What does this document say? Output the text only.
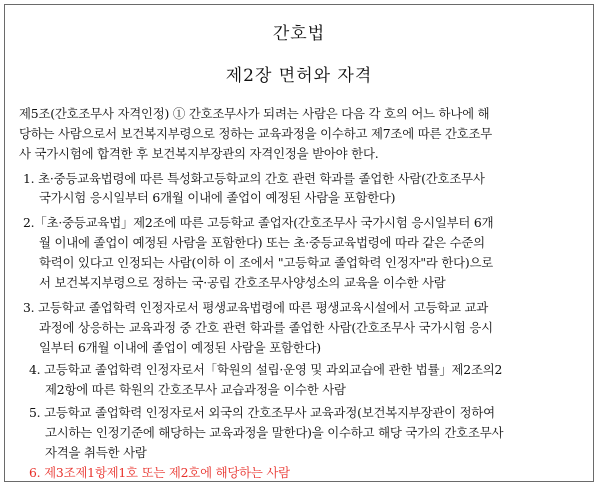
간호법
제2장 면허와 자격
제5조(간호조무사 자격인정) ① 간호조무사가 되려는 사람은 다음 각 호의 어느 하나에 해
당하는 사람으로서 보건복지부령으로 정하는 교육과정을 이수하고 제7조에 따른 간호조무
사 국가시험에 합격한 후 보건복지부장관의 자격인정을 받아야 한다.
1. 초·중등교육법령에 따른 특성화고등학교의 간호 관련 학과를 졸업한 사람(간호조무사
국가시험 응시일부터 6개월 이내에 졸업이 예정된 사람을 포함한다)
2.「초·중등교육법」제2조에 따른 고등학교 졸업자(간호조무사 국가시험 응시일부터 6개
월 이내에 졸업이 예정된 사람을 포함한다) 또는 초·중등교육법령에 따라 같은 수준의
학력이 있다고 인정되는 사람(이하 이 조에서 "고등학교 졸업학력 인정자"라 한다)으로
서 보건복지부령으로 정하는 국·공립 간호조무사양성소의 교육을 이수한 사람
3. 고등학교 졸업학력 인정자로서 평생교육법령에 따른 평생교육시설에서 고등학교 교과
과정에 상응하는 교육과정 중 간호 관련 학과를 졸업한 사람(간호조무사 국가시험 응시
일부터 6개월 이내에 졸업이 예정된 사람을 포함한다)
4. 고등학교 졸업학력 인정자로서「학원의 설립·운영 및 과외교습에 관한 법률」제2조의2
제2항에 따른 학원의 간호조무사 교습과정을 이수한 사람
5. 고등학교 졸업학력 인정자로서 외국의 간호조무사 교육과정(보건복지부장관이 정하여
고시하는 인정기준에 해당하는 교육과정을 말한다)을 이수하고 해당 국가의 간호조무사
자격을 취득한 사람
6. 제3조제1항제1호 또는 제2호에 해당하는 사람
